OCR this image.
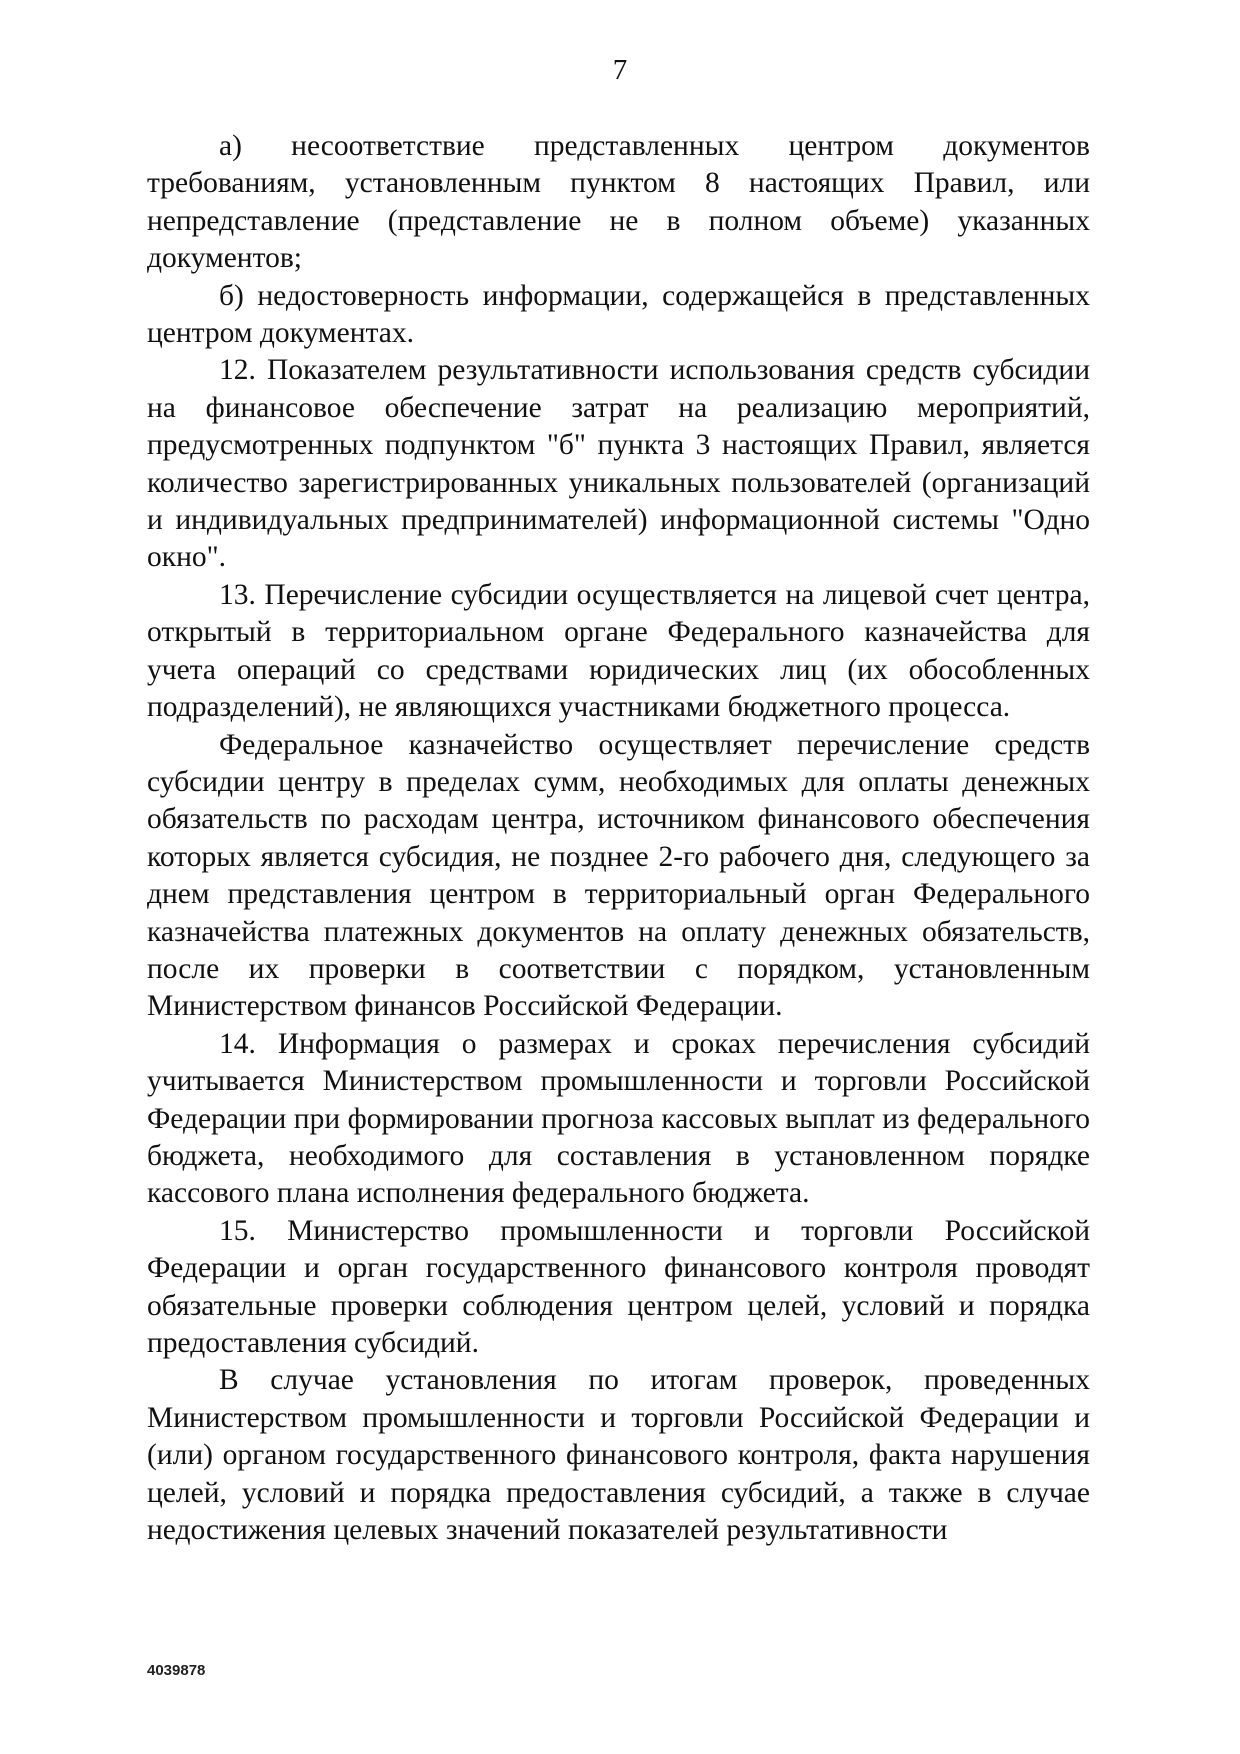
7

а) несоответствие представленных центром документов требованиям, установленным пунктом 8 настоящих Правил, или непредставление (представление не в полном объеме) указанных документов;

б) недостоверность информации, содержащейся в представленных центром документах.

12. Показателем результативности использования средств субсидии на финансовое обеспечение затрат на реализацию мероприятий, предусмотренных подпунктом "б" пункта 3 настоящих Правил, является количество зарегистрированных уникальных пользователей (организаций и индивидуальных предпринимателей) информационной системы "Одно окно".

13. Перечисление субсидии осуществляется на лицевой счет центра, открытый в территориальном органе Федерального казначейства для учета операций со средствами юридических лиц (их обособленных подразделений), не являющихся участниками бюджетного процесса.

Федеральное казначейство осуществляет перечисление средств субсидии центру в пределах сумм, необходимых для оплаты денежных обязательств по расходам центра, источником финансового обеспечения которых является субсидия, не позднее 2-го рабочего дня, следующего за днем представления центром в территориальный орган Федерального казначейства платежных документов на оплату денежных обязательств, после их проверки в соответствии с порядком, установленным Министерством финансов Российской Федерации.

14. Информация о размерах и сроках перечисления субсидий учитывается Министерством промышленности и торговли Российской Федерации при формировании прогноза кассовых выплат из федерального бюджета, необходимого для составления в установленном порядке кассового плана исполнения федерального бюджета.

15. Министерство промышленности и торговли Российской Федерации и орган государственного финансового контроля проводят обязательные проверки соблюдения центром целей, условий и порядка предоставления субсидий.

В случае установления по итогам проверок, проведенных Министерством промышленности и торговли Российской Федерации и (или) органом государственного финансового контроля, факта нарушения целей, условий и порядка предоставления субсидий, а также в случае недостижения целевых значений показателей результативности

4039878
